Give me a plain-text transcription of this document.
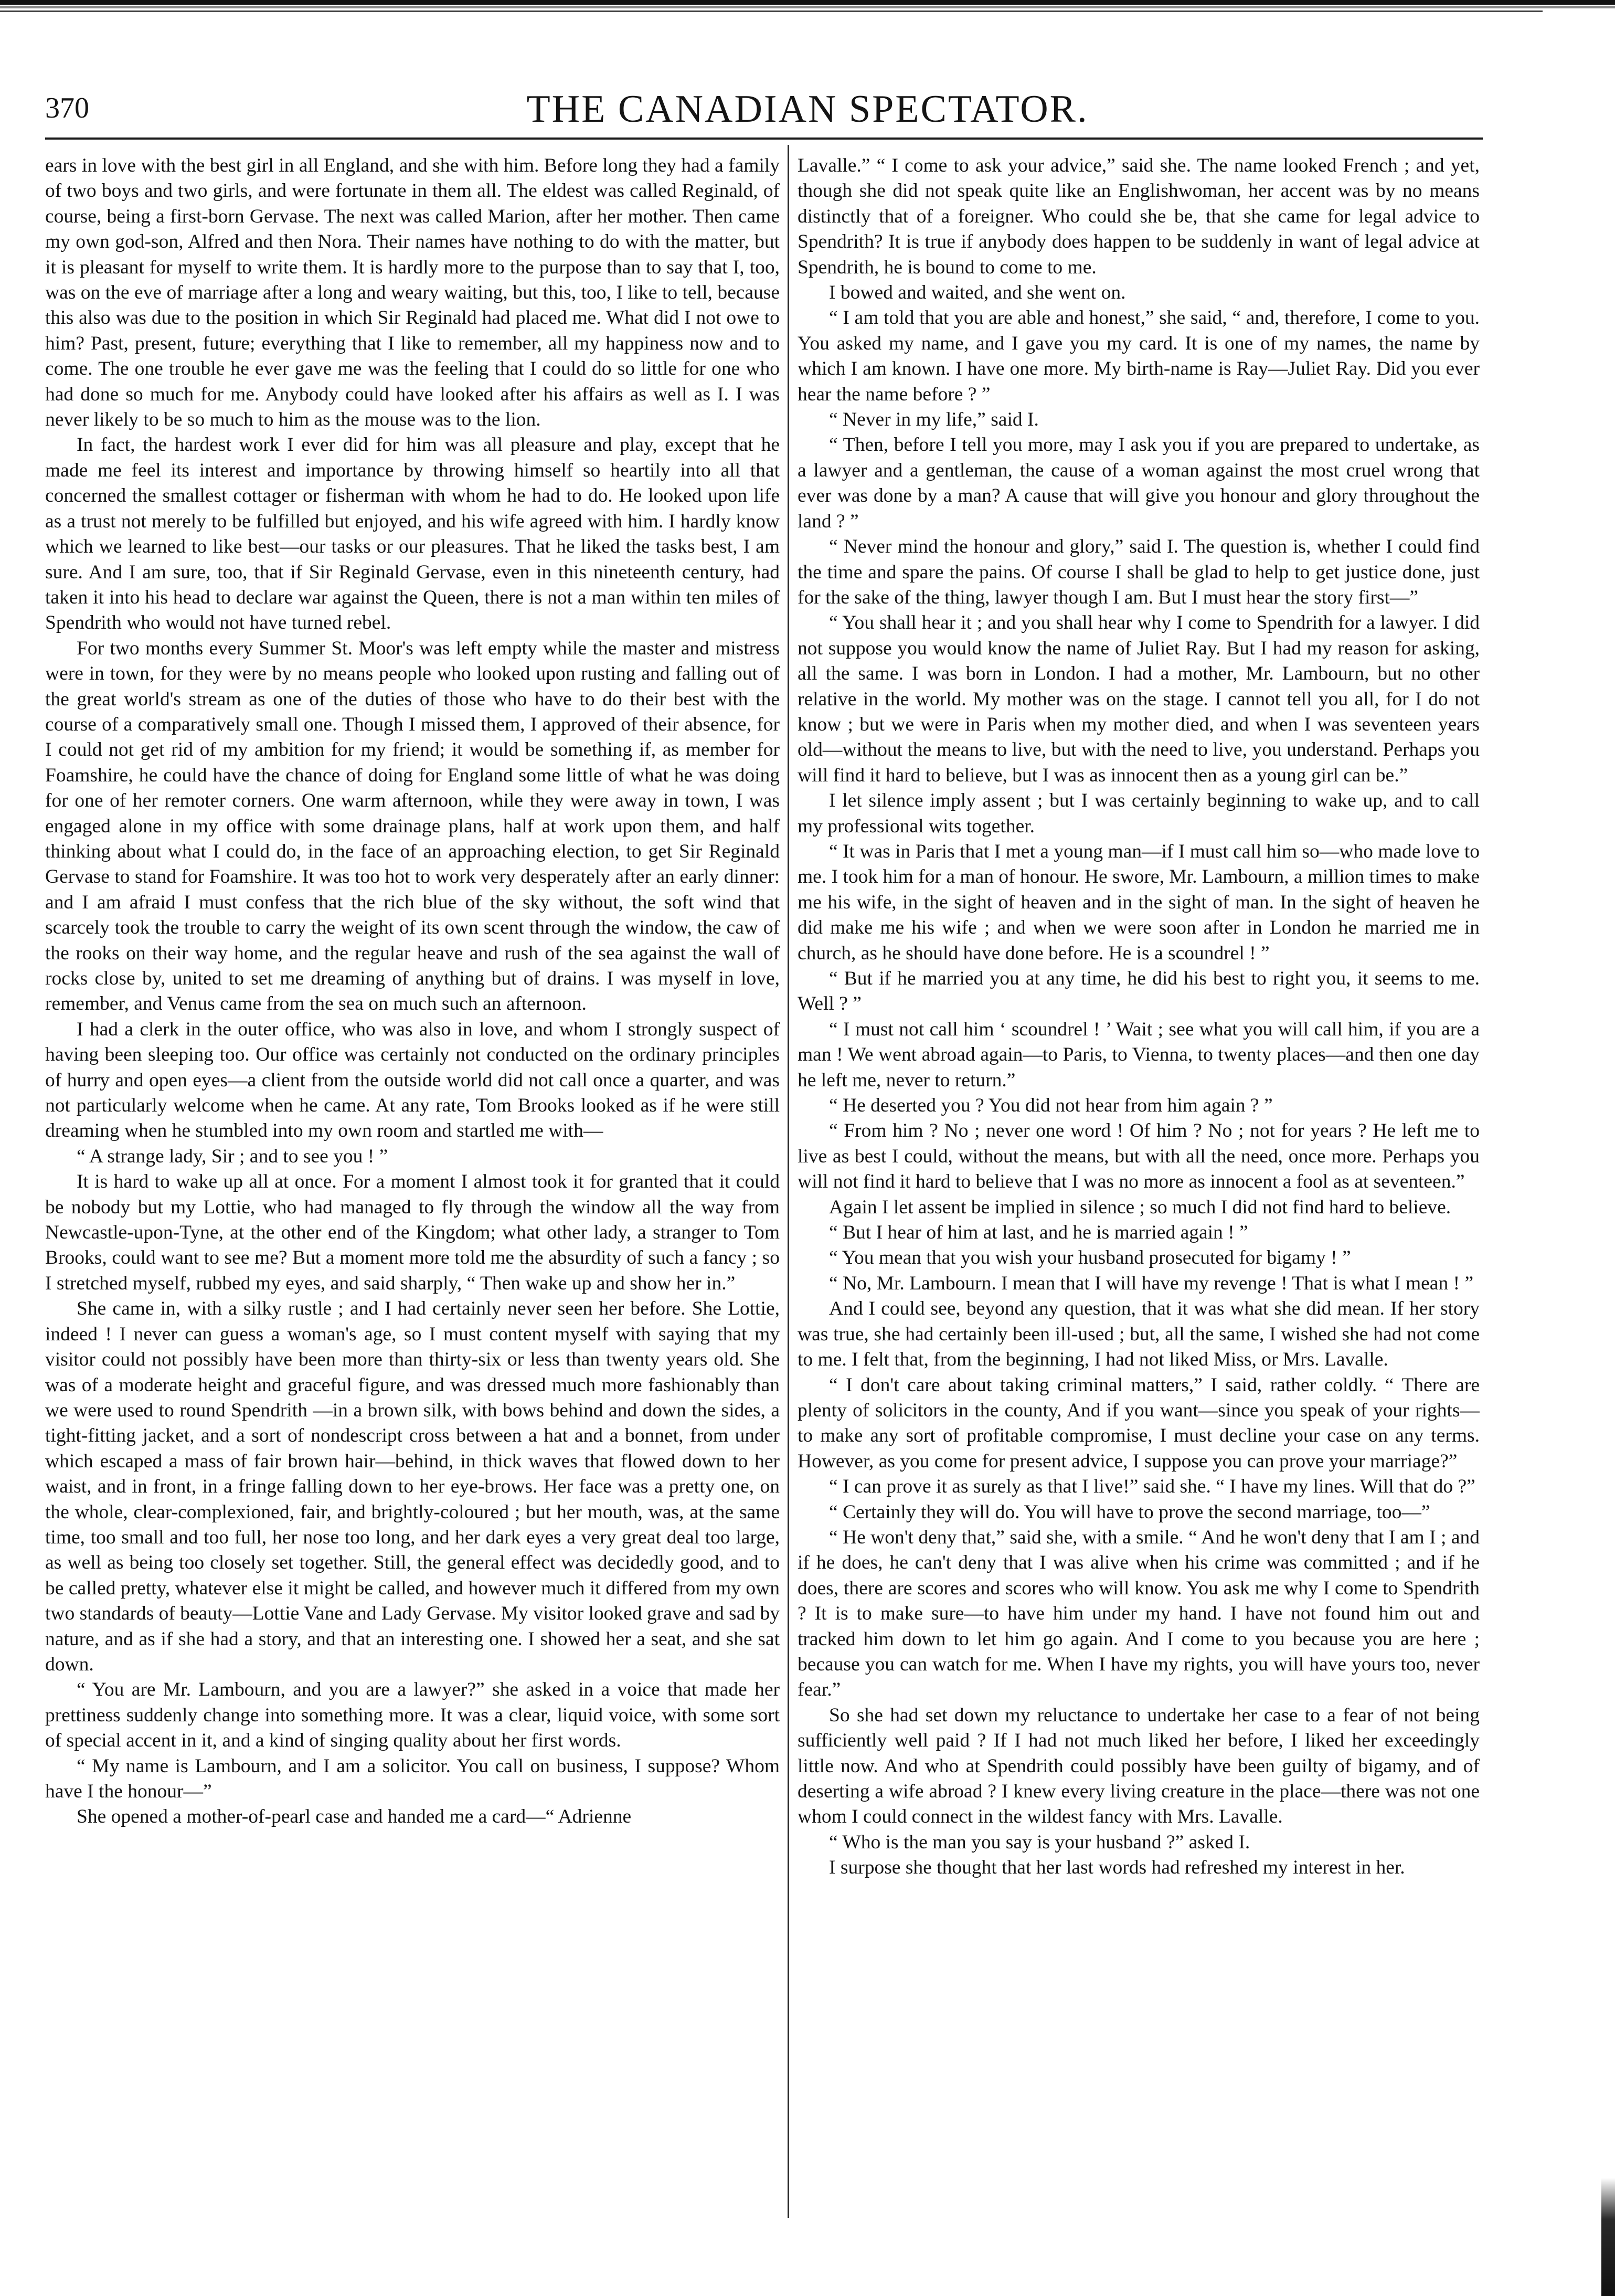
370	THE CANADIAN SPECTATOR.

ears in love with the best girl in all England, and she with him. Before long they had a family of two boys and two girls, and were fortunate in them all. The eldest was called Reginald, of course, being a first-born Gervase. The next was called Marion, after her mother. Then came my own god-son, Alfred and then Nora. Their names have nothing to do with the matter, but it is pleasant for myself to write them. It is hardly more to the purpose than to say that I, too, was on the eve of marriage after a long and weary waiting, but this, too, I like to tell, because this also was due to the position in which Sir Reginald had placed me. What did I not owe to him? Past, present, future; everything that I like to remember, all my happiness now and to come. The one trouble he ever gave me was the feeling that I could do so little for one who had done so much for me. Anybody could have looked after his affairs as well as I. I was never likely to be so much to him as the mouse was to the lion.

In fact, the hardest work I ever did for him was all pleasure and play, except that he made me feel its interest and importance by throwing himself so heartily into all that concerned the smallest cottager or fisherman with whom he had to do. He looked upon life as a trust not merely to be fulfilled but enjoyed, and his wife agreed with him. I hardly know which we learned to like best—our tasks or our pleasures. That he liked the tasks best, I am sure. And I am sure, too, that if Sir Reginald Gervase, even in this nineteenth century, had taken it into his head to declare war against the Queen, there is not a man within ten miles of Spendrith who would not have turned rebel.

For two months every Summer St. Moor's was left empty while the master and mistress were in town, for they were by no means people who looked upon rusting and falling out of the great world's stream as one of the duties of those who have to do their best with the course of a comparatively small one. Though I missed them, I approved of their absence, for I could not get rid of my ambition for my friend; it would be something if, as member for Foamshire, he could have the chance of doing for England some little of what he was doing for one of her remoter corners. One warm afternoon, while they were away in town, I was engaged alone in my office with some drainage plans, half at work upon them, and half thinking about what I could do, in the face of an approaching election, to get Sir Reginald Gervase to stand for Foamshire. It was too hot to work very desperately after an early dinner: and I am afraid I must confess that the rich blue of the sky without, the soft wind that scarcely took the trouble to carry the weight of its own scent through the window, the caw of the rooks on their way home, and the regular heave and rush of the sea against the wall of rocks close by, united to set me dreaming of anything but of drains. I was myself in love, remember, and Venus came from the sea on much such an afternoon.

I had a clerk in the outer office, who was also in love, and whom I strongly suspect of having been sleeping too. Our office was certainly not conducted on the ordinary principles of hurry and open eyes—a client from the outside world did not call once a quarter, and was not particularly welcome when he came. At any rate, Tom Brooks looked as if he were still dreaming when he stumbled into my own room and startled me with—

“ A strange lady, Sir ; and to see you ! ”

It is hard to wake up all at once. For a moment I almost took it for granted that it could be nobody but my Lottie, who had managed to fly through the window all the way from Newcastle-upon-Tyne, at the other end of the Kingdom; what other lady, a stranger to Tom Brooks, could want to see me? But a moment more told me the absurdity of such a fancy ; so I stretched myself, rubbed my eyes, and said sharply, “ Then wake up and show her in.”

She came in, with a silky rustle ; and I had certainly never seen her before. She Lottie, indeed ! I never can guess a woman's age, so I must content myself with saying that my visitor could not possibly have been more than thirty-six or less than twenty years old. She was of a moderate height and graceful figure, and was dressed much more fashionably than we were used to round Spendrith —in a brown silk, with bows behind and down the sides, a tight-fitting jacket, and a sort of nondescript cross between a hat and a bonnet, from under which escaped a mass of fair brown hair—behind, in thick waves that flowed down to her waist, and in front, in a fringe falling down to her eye-brows. Her face was a pretty one, on the whole, clear-complexioned, fair, and brightly-coloured ; but her mouth, was, at the same time, too small and too full, her nose too long, and her dark eyes a very great deal too large, as well as being too closely set together. Still, the general effect was decidedly good, and to be called pretty, whatever else it might be called, and however much it differed from my own two standards of beauty—Lottie Vane and Lady Gervase. My visitor looked grave and sad by nature, and as if she had a story, and that an interesting one. I showed her a seat, and she sat down.

“ You are Mr. Lambourn, and you are a lawyer?” she asked in a voice that made her prettiness suddenly change into something more. It was a clear, liquid voice, with some sort of special accent in it, and a kind of singing quality about her first words.

“ My name is Lambourn, and I am a solicitor. You call on business, I suppose? Whom have I the honour—”

She opened a mother-of-pearl case and handed me a card—“ Adrienne

Lavalle.” “ I come to ask your advice,” said she. The name looked French ; and yet, though she did not speak quite like an Englishwoman, her accent was by no means distinctly that of a foreigner. Who could she be, that she came for legal advice to Spendrith? It is true if anybody does happen to be suddenly in want of legal advice at Spendrith, he is bound to come to me.

I bowed and waited, and she went on.

“ I am told that you are able and honest,” she said, “ and, therefore, I come to you. You asked my name, and I gave you my card. It is one of my names, the name by which I am known. I have one more. My birth-name is Ray—Juliet Ray. Did you ever hear the name before ? ”

“ Never in my life,” said I.

“ Then, before I tell you more, may I ask you if you are prepared to undertake, as a lawyer and a gentleman, the cause of a woman against the most cruel wrong that ever was done by a man? A cause that will give you honour and glory throughout the land ? ”

“ Never mind the honour and glory,” said I. The question is, whether I could find the time and spare the pains. Of course I shall be glad to help to get justice done, just for the sake of the thing, lawyer though I am. But I must hear the story first—”

“ You shall hear it ; and you shall hear why I come to Spendrith for a lawyer. I did not suppose you would know the name of Juliet Ray. But I had my reason for asking, all the same. I was born in London. I had a mother, Mr. Lambourn, but no other relative in the world. My mother was on the stage. I cannot tell you all, for I do not know ; but we were in Paris when my mother died, and when I was seventeen years old—without the means to live, but with the need to live, you understand. Perhaps you will find it hard to believe, but I was as innocent then as a young girl can be.”

I let silence imply assent ; but I was certainly beginning to wake up, and to call my professional wits together.

“ It was in Paris that I met a young man—if I must call him so—who made love to me. I took him for a man of honour. He swore, Mr. Lambourn, a million times to make me his wife, in the sight of heaven and in the sight of man. In the sight of heaven he did make me his wife ; and when we were soon after in London he married me in church, as he should have done before. He is a scoundrel ! ”

“ But if he married you at any time, he did his best to right you, it seems to me. Well ? ”

“ I must not call him ‘ scoundrel ! ’ Wait ; see what you will call him, if you are a man ! We went abroad again—to Paris, to Vienna, to twenty places—and then one day he left me, never to return.”

“ He deserted you ? You did not hear from him again ? ”

“ From him ? No ; never one word ! Of him ? No ; not for years ? He left me to live as best I could, without the means, but with all the need, once more. Perhaps you will not find it hard to believe that I was no more as innocent a fool as at seventeen.”

Again I let assent be implied in silence ; so much I did not find hard to believe.

“ But I hear of him at last, and he is married again ! ”

“ You mean that you wish your husband prosecuted for bigamy ! ”

“ No, Mr. Lambourn. I mean that I will have my revenge ! That is what I mean ! ”

And I could see, beyond any question, that it was what she did mean. If her story was true, she had certainly been ill-used ; but, all the same, I wished she had not come to me. I felt that, from the beginning, I had not liked Miss, or Mrs. Lavalle.

“ I don't care about taking criminal matters,” I said, rather coldly. “ There are plenty of solicitors in the county, And if you want—since you speak of your rights—to make any sort of profitable compromise, I must decline your case on any terms. However, as you come for present advice, I suppose you can prove your marriage?”

“ I can prove it as surely as that I live!” said she. “ I have my lines. Will that do ?”

“ Certainly they will do. You will have to prove the second marriage, too—”

“ He won't deny that,” said she, with a smile. “ And he won't deny that I am I ; and if he does, he can't deny that I was alive when his crime was committed ; and if he does, there are scores and scores who will know. You ask me why I come to Spendrith ? It is to make sure—to have him under my hand. I have not found him out and tracked him down to let him go again. And I come to you because you are here ; because you can watch for me. When I have my rights, you will have yours too, never fear.”

So she had set down my reluctance to undertake her case to a fear of not being sufficiently well paid ? If I had not much liked her before, I liked her exceedingly little now. And who at Spendrith could possibly have been guilty of bigamy, and of deserting a wife abroad ? I knew every living creature in the place—there was not one whom I could connect in the wildest fancy with Mrs. Lavalle.

“ Who is the man you say is your husband ?” asked I.

I surpose she thought that her last words had refreshed my interest in her.
